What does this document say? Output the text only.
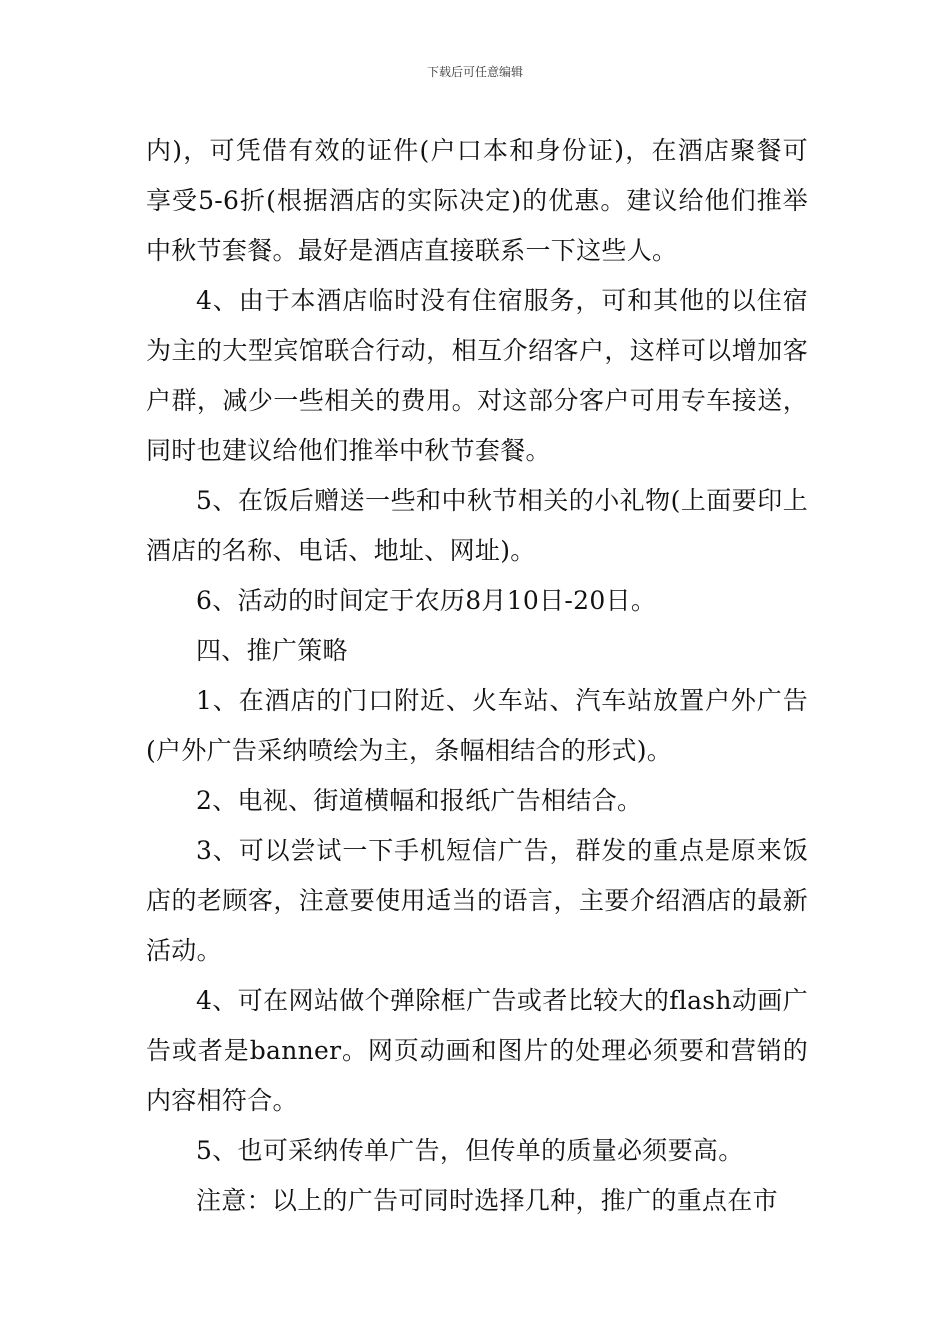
下载后可任意编辑

内)，可凭借有效的证件(户口本和身份证)，在酒店聚餐可享受5-6折(根据酒店的实际决定)的优惠。建议给他们推举中秋节套餐。最好是酒店直接联系一下这些人。

4、由于本酒店临时没有住宿服务，可和其他的以住宿为主的大型宾馆联合行动，相互介绍客户，这样可以增加客户群，减少一些相关的费用。对这部分客户可用专车接送，同时也建议给他们推举中秋节套餐。

5、在饭后赠送一些和中秋节相关的小礼物(上面要印上酒店的名称、电话、地址、网址)。

6、活动的时间定于农历8月10日-20日。

四、推广策略

1、在酒店的门口附近、火车站、汽车站放置户外广告(户外广告采纳喷绘为主，条幅相结合的形式)。

2、电视、街道横幅和报纸广告相结合。

3、可以尝试一下手机短信广告，群发的重点是原来饭店的老顾客，注意要使用适当的语言，主要介绍酒店的最新活动。

4、可在网站做个弹除框广告或者比较大的flash动画广告或者是banner。网页动画和图片的处理必须要和营销的内容相符合。

5、也可采纳传单广告，但传单的质量必须要高。

注意：以上的广告可同时选择几种，推广的重点在市
